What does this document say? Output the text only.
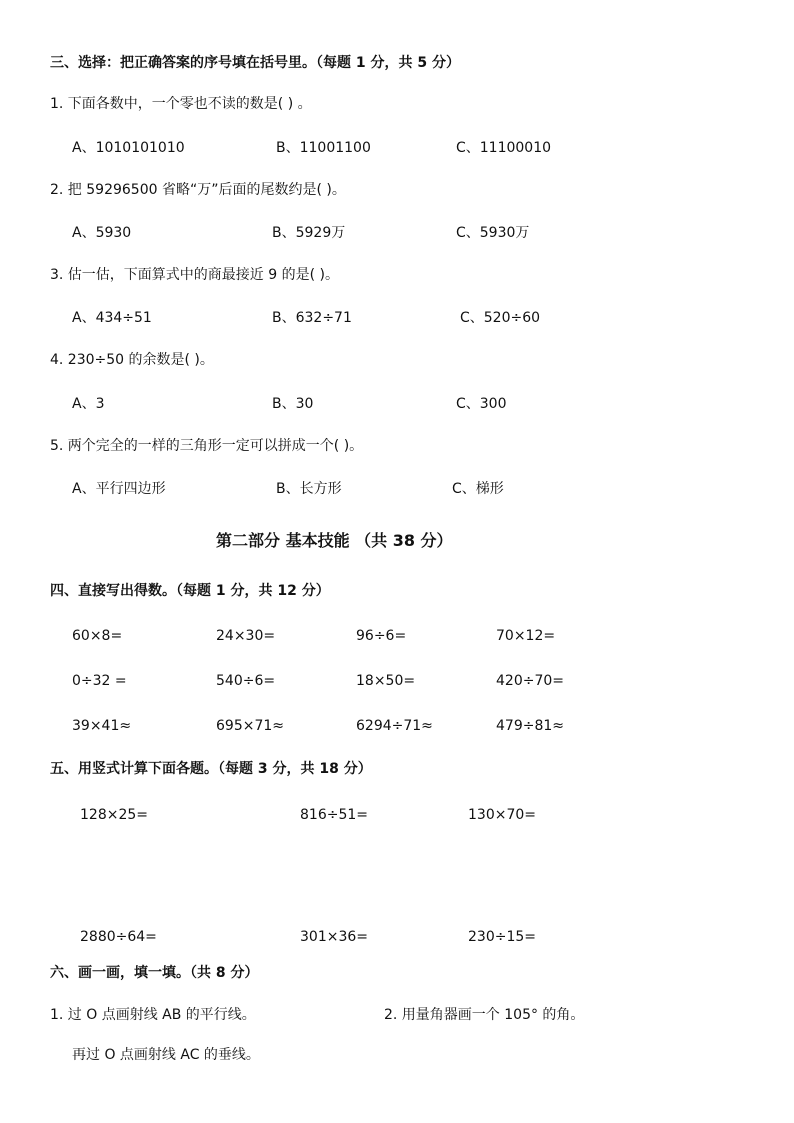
三、选择：把正确答案的序号填在括号里。（每题 1 分，共 5 分）
1. 下面各数中，一个零也不读的数是( ) 。
A、1010101010	B、11001100	C、11100010
2. 把 59296500 省略“万”后面的尾数约是( )。
A、5930	B、5929万	C、5930万
3. 估一估，下面算式中的商最接近 9 的是( )。
A、434÷51	B、632÷71	C、520÷60
4. 230÷50 的余数是( )。
A、3	B、30	C、300
5. 两个完全的一样的三角形一定可以拼成一个( )。
A、平行四边形	B、长方形	C、梯形
第二部分 基本技能 （共 38 分）
四、直接写出得数。（每题 1 分，共 12 分）
60×8=	24×30=	96÷6=	70×12=
0÷32 =	540÷6=	18×50=	420÷70=
39×41≈	695×71≈	6294÷71≈	479÷81≈
五、用竖式计算下面各题。（每题 3 分，共 18 分）
128×25=	816÷51=	130×70=
2880÷64=	301×36=	230÷15=
六、画一画，填一填。（共 8 分）
1. 过 O 点画射线 AB 的平行线。
再过 O 点画射线 AC 的垂线。
2. 用量角器画一个 105° 的角。
